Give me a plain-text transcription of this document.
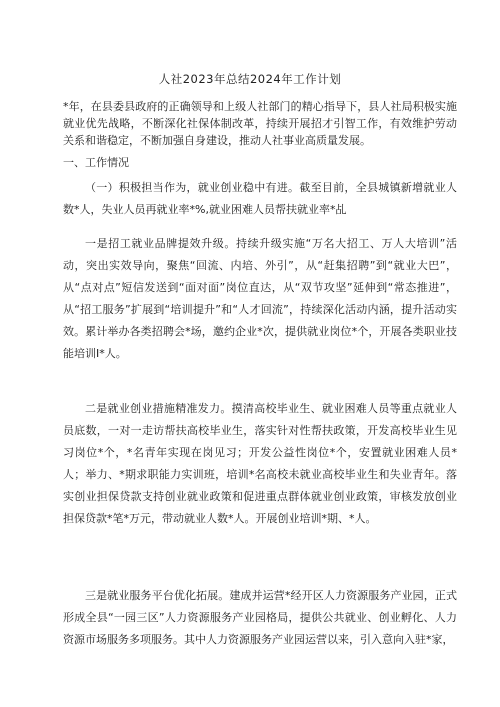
人社2023年总结2024年工作计划

*年，在县委县政府的正确领导和上级人社部门的精心指导下，县人社局积极实施就业优先战略，不断深化社保体制改革，持续开展招才引智工作，有效维护劳动关系和谐稳定，不断加强自身建设，推动人社事业高质量发展。

一、工作情况

（一）积极担当作为，就业创业稳中有进。截至目前，全县城镇新增就业人数*人，失业人员再就业率*%,就业困难人员帮扶就业率*乩

一是招工就业品牌提效升级。持续升级实施“万名大招工、万人大培训”活动，突出实效导向，聚焦“回流、内培、外引”，从“赶集招聘”到“就业大巴”，从“点对点”短信发送到“面对面”岗位直达，从“双节攻坚”延伸到“常态推进”，从“招工服务”扩展到“培训提升”和“人才回流”，持续深化活动内涵，提升活动实效。累计举办各类招聘会*场，邀约企业*次，提供就业岗位*个，开展各类职业技能培训I*人。

二是就业创业措施精准发力。摸清高校毕业生、就业困难人员等重点就业人员底数，一对一走访帮扶高校毕业生，落实针对性帮扶政策，开发高校毕业生见习岗位*个，*名青年实现在岗见习；开发公益性岗位*个，安置就业困难人员*人；举力、*期求职能力实训班，培训*名高校未就业高校毕业生和失业青年。落实创业担保贷款支持创业就业政策和促进重点群体就业创业政策，审核发放创业担保贷款*笔*万元，带动就业人数*人。开展创业培训*期、*人。

三是就业服务平台优化拓展。建成并运营*经开区人力资源服务产业园，正式形成全县“一园三区”人力资源服务产业园格局，提供公共就业、创业孵化、人力资源市场服务多项服务。其中人力资源服务产业园运营以来，引入意向入驻*家，
